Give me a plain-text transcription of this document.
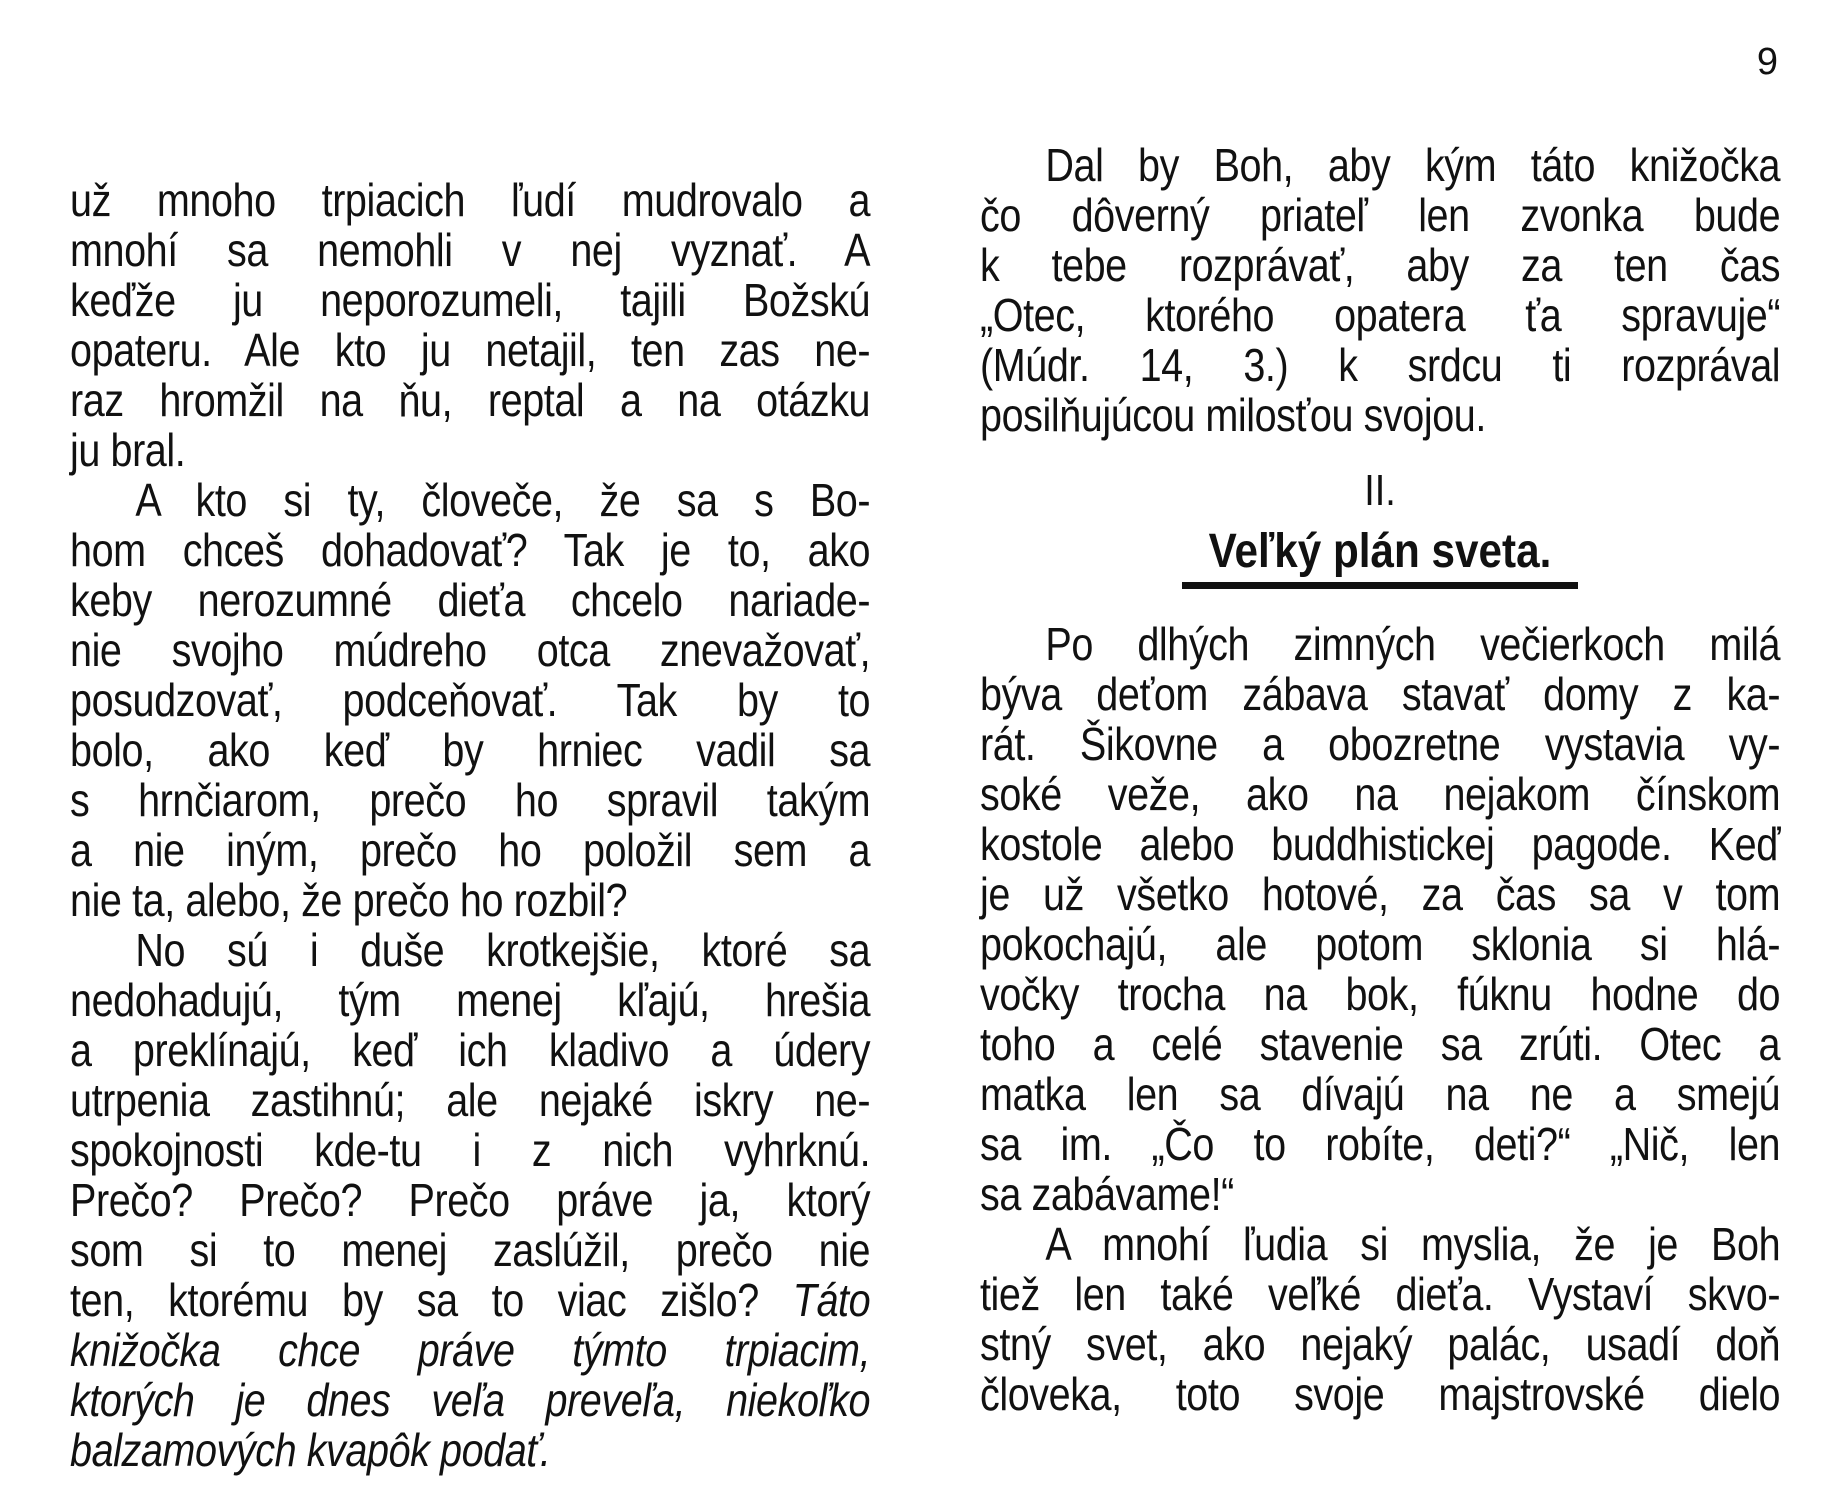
9
už mnoho trpiacich ľudí mudrovalo a
mnohí sa nemohli v nej vyznať. A
keďže ju neporozumeli, tajili Božskú
opateru. Ale kto ju netajil, ten zas ne-
raz hromžil na ňu, reptal a na otázku
ju bral.
A kto si ty, človeče, že sa s Bo-
hom chceš dohadovať? Tak je to, ako
keby nerozumné dieťa chcelo nariade-
nie svojho múdreho otca znevažovať,
posudzovať, podceňovať. Tak by to
bolo, ako keď by hrniec vadil sa
s hrnčiarom, prečo ho spravil takým
a nie iným, prečo ho položil sem a
nie ta, alebo, že prečo ho rozbil?
No sú i duše krotkejšie, ktoré sa
nedohadujú, tým menej kľajú, hrešia
a preklínajú, keď ich kladivo a údery
utrpenia zastihnú; ale nejaké iskry ne-
spokojnosti kde-tu i z nich vyhrknú.
Prečo? Prečo? Prečo práve ja, ktorý
som si to menej zaslúžil, prečo nie
ten, ktorému by sa to viac zišlo? Táto
knižočka chce práve týmto trpiacim,
ktorých je dnes veľa preveľa, niekoľko
balzamových kvapôk podať.
Dal by Boh, aby kým táto knižočka
čo dôverný priateľ len zvonka bude
k tebe rozprávať, aby za ten čas
„Otec, ktorého opatera ťa spravuje“
(Múdr. 14, 3.) k srdcu ti rozprával
posilňujúcou milosťou svojou.
II.
Veľký plán sveta.
Po dlhých zimných večierkoch milá
býva deťom zábava stavať domy z ka-
rát. Šikovne a obozretne vystavia vy-
soké veže, ako na nejakom čínskom
kostole alebo buddhistickej pagode. Keď
je už všetko hotové, za čas sa v tom
pokochajú, ale potom sklonia si hlá-
vočky trocha na bok, fúknu hodne do
toho a celé stavenie sa zrúti. Otec a
matka len sa dívajú na ne a smejú
sa im. „Čo to robíte, deti?“ „Nič, len
sa zabávame!“
A mnohí ľudia si myslia, že je Boh
tiež len také veľké dieťa. Vystaví skvo-
stný svet, ako nejaký palác, usadí doň
človeka, toto svoje majstrovské dielo
